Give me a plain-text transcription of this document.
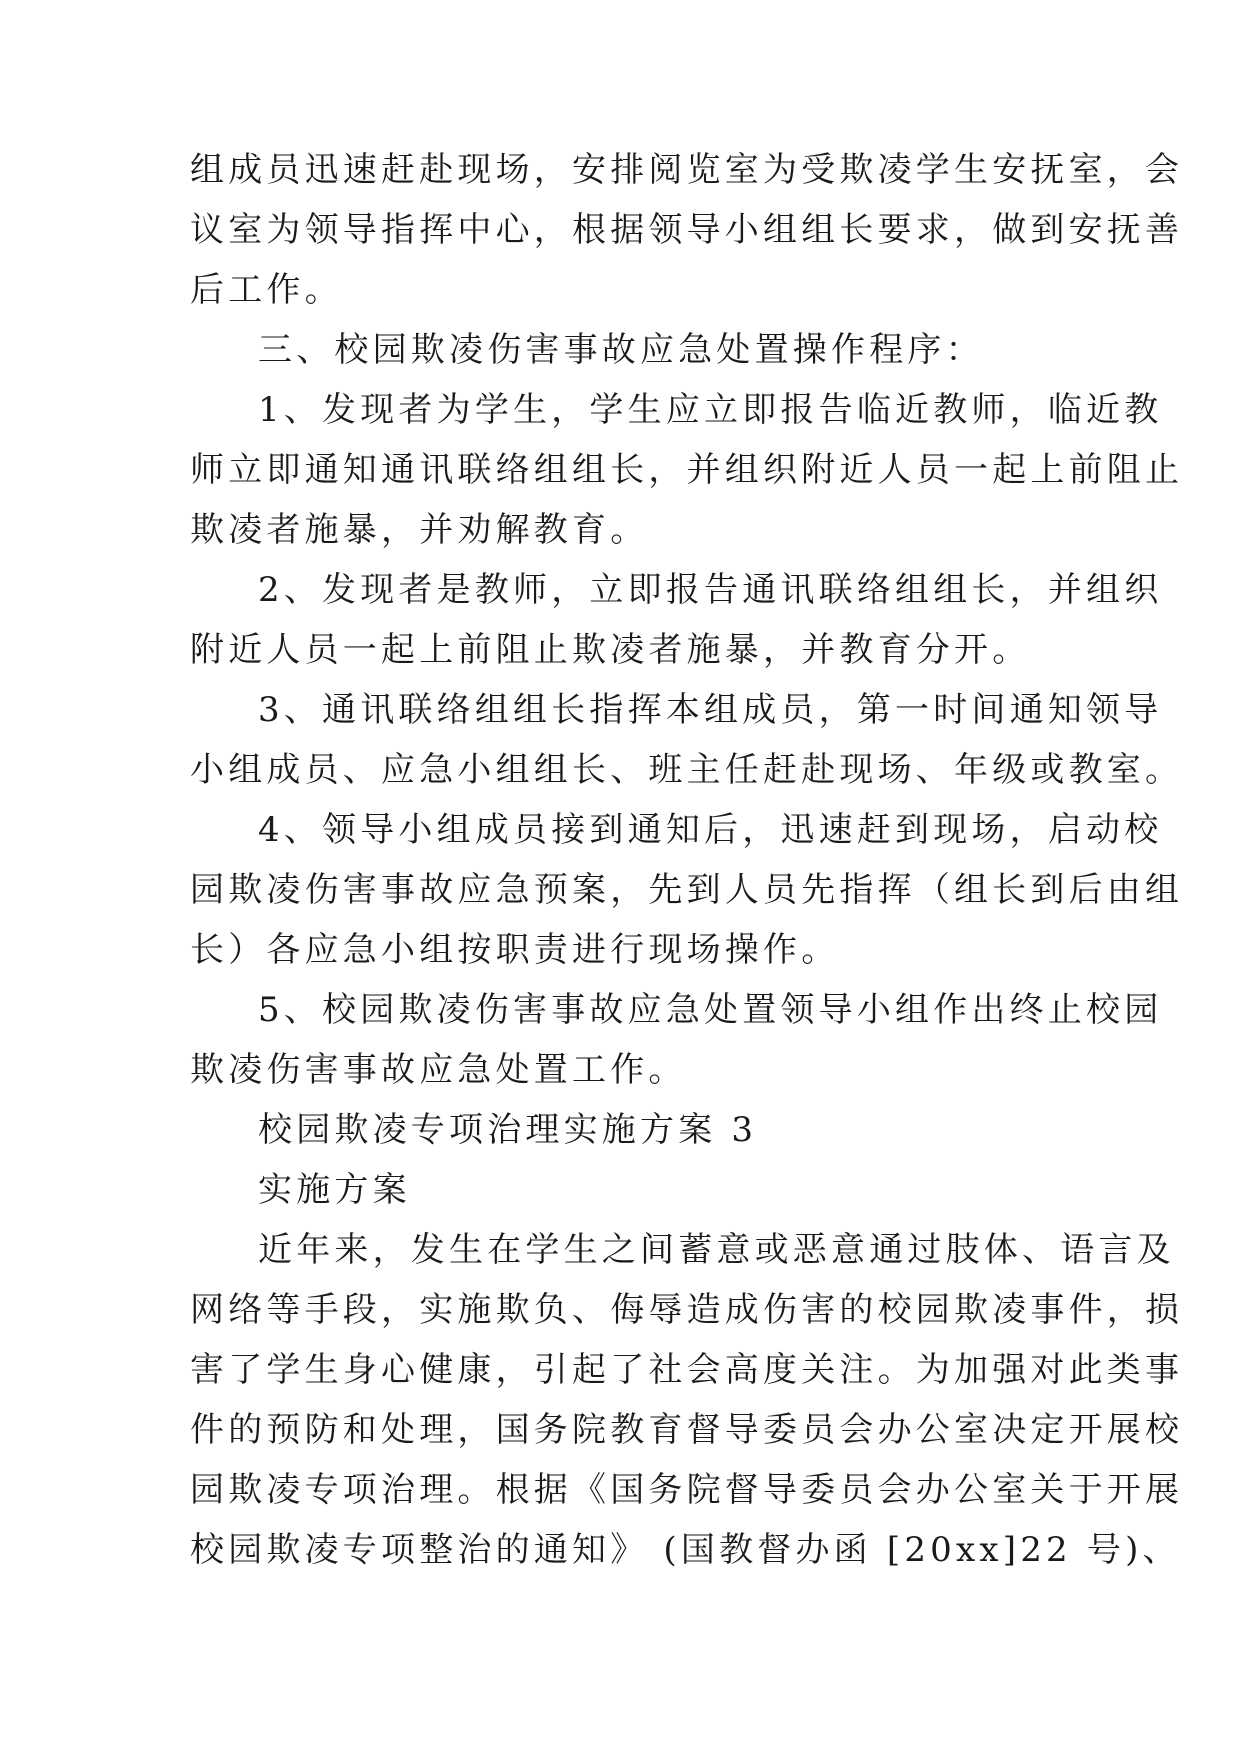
组成员迅速赶赴现场，安排阅览室为受欺凌学生安抚室，会

议室为领导指挥中心，根据领导小组组长要求，做到安抚善

后工作。

三、校园欺凌伤害事故应急处置操作程序：

1、发现者为学生，学生应立即报告临近教师，临近教

师立即通知通讯联络组组长，并组织附近人员一起上前阻止

欺凌者施暴，并劝解教育。

2、发现者是教师，立即报告通讯联络组组长，并组织

附近人员一起上前阻止欺凌者施暴，并教育分开。

3、通讯联络组组长指挥本组成员，第一时间通知领导

小组成员、应急小组组长、班主任赶赴现场、年级或教室。

4、领导小组成员接到通知后，迅速赶到现场，启动校

园欺凌伤害事故应急预案，先到人员先指挥（组长到后由组

长）各应急小组按职责进行现场操作。

5、校园欺凌伤害事故应急处置领导小组作出终止校园

欺凌伤害事故应急处置工作。

校园欺凌专项治理实施方案 3

实施方案

近年来，发生在学生之间蓄意或恶意通过肢体、语言及

网络等手段，实施欺负、侮辱造成伤害的校园欺凌事件，损

害了学生身心健康，引起了社会高度关注。为加强对此类事

件的预防和处理，国务院教育督导委员会办公室决定开展校

园欺凌专项治理。根据《国务院督导委员会办公室关于开展

校园欺凌专项整治的通知》 (国教督办函 [20xx]22 号)、
